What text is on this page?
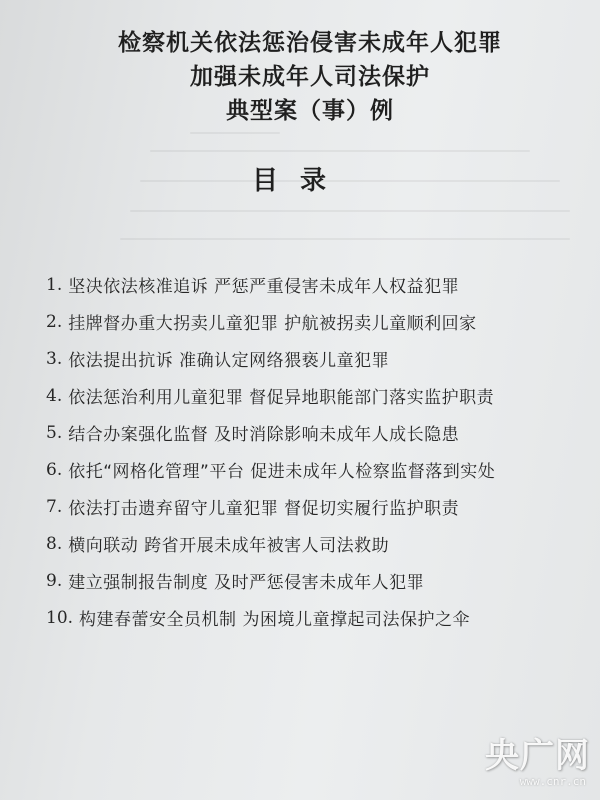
检察机关依法惩治侵害未成年人犯罪
加强未成年人司法保护
典型案（事）例
目录
1. 坚决依法核准追诉 严惩严重侵害未成年人权益犯罪
2. 挂牌督办重大拐卖儿童犯罪 护航被拐卖儿童顺利回家
3. 依法提出抗诉 准确认定网络猥亵儿童犯罪
4. 依法惩治利用儿童犯罪 督促异地职能部门落实监护职责
5. 结合办案强化监督 及时消除影响未成年人成长隐患
6. 依托“网格化管理”平台 促进未成年人检察监督落到实处
7. 依法打击遗弃留守儿童犯罪 督促切实履行监护职责
8. 横向联动 跨省开展未成年被害人司法救助
9. 建立强制报告制度 及时严惩侵害未成年人犯罪
10. 构建春蕾安全员机制 为困境儿童撑起司法保护之伞
央广网
www.cnr.cn
